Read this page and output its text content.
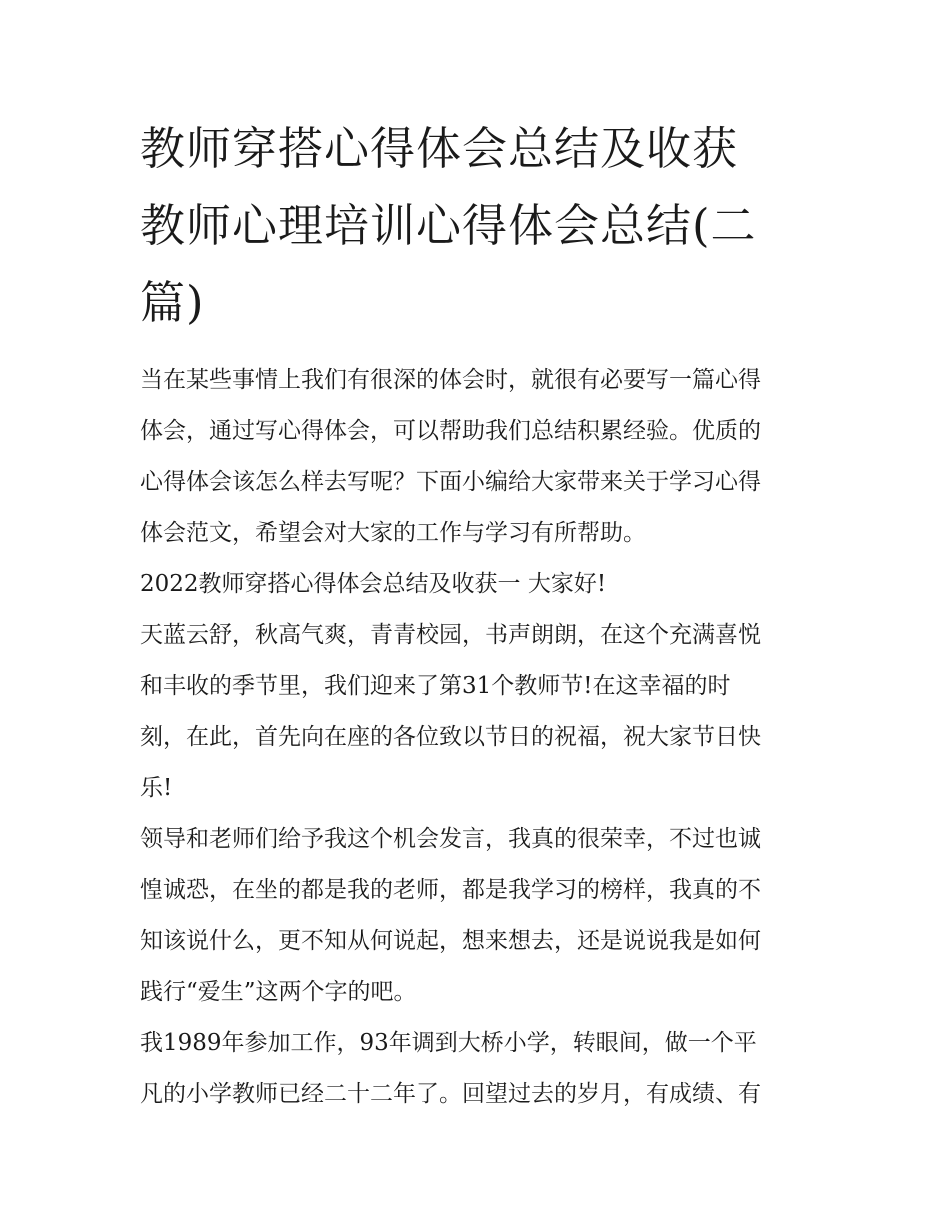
教师穿搭心得体会总结及收获
教师心理培训心得体会总结(二
篇)

当在某些事情上我们有很深的体会时，就很有必要写一篇心得
体会，通过写心得体会，可以帮助我们总结积累经验。优质的
心得体会该怎么样去写呢？下面小编给大家带来关于学习心得
体会范文，希望会对大家的工作与学习有所帮助。

2022教师穿搭心得体会总结及收获一 大家好!

天蓝云舒，秋高气爽，青青校园，书声朗朗，在这个充满喜悦
和丰收的季节里，我们迎来了第31个教师节!在这幸福的时
刻，在此，首先向在座的各位致以节日的祝福，祝大家节日快
乐!

领导和老师们给予我这个机会发言，我真的很荣幸，不过也诚
惶诚恐，在坐的都是我的老师，都是我学习的榜样，我真的不
知该说什么，更不知从何说起，想来想去，还是说说我是如何
践行“爱生”这两个字的吧。

我1989年参加工作，93年调到大桥小学，转眼间，做一个平
凡的小学教师已经二十二年了。回望过去的岁月，有成绩、有
